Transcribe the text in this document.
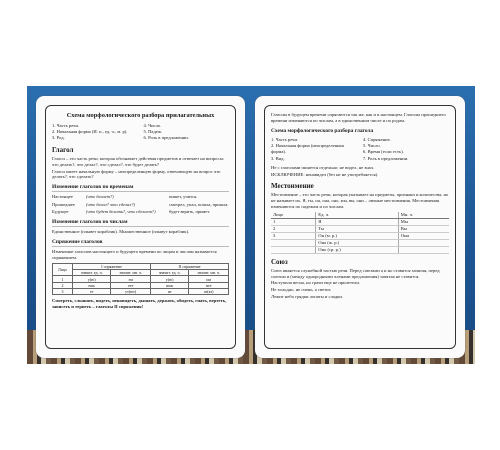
Схема морфологического разбора прилагательных
1. Часть речи.
2. Начальная форма (И. п., ед. ч., м. р).
3. Род.
4. Число.
5. Падеж.
6. Роль в предложении.
Глагол
Глагол – это часть речи, которая обозначает действия предметов и отвечает на вопросы: что делать?, что делал?, что сделал?, что будет делать?
Глагол имеет начальную форму – неопределенную форму, отвечающую на вопрос что делать?, что сделать?
Изменение глаголов по временам
Настоящее	(что делает?)	пишет, учится.
Прошедшее	(что делал? что сделал?)	смотрел, упал, пошла, пришла.
Будущее	(что будет делать?, что сделает?)	будет верить, примет.
Изменение глаголов по числам
Единственное (плывет кораблик). Множественное (плывут кораблик).
Спряжение глаголов
Изменение глаголов настоящего и будущего времени по лицам и числам называется спряжением.
Лицо	I спряжение		II спряжение	
	значит. ед. ч.	значит. мн. ч.	значит. ед. ч.	значит. мн. ч.
1	у(ю)	ем	у(ю)	им
2	ешь	ете	ишь	ите
3	ет	ут(ют)	ит	ат(ят)
Смотреть, слышать, видеть, ненавидеть, дышать, держать, обидеть, гнать, вертеть, зависеть и терпеть – глаголы II спряжения!
Глаголы в будущем времени спрягаются так же, как и в настоящем. Глаголы прошедшего времени изменяются по числам, а в единственном числе и по родам.
Схема морфологического разбора глагола
1. Часть речи.
2. Начальная форма (неопределенная форма).
3. Вид.
4. Спряжение.
5. Число.
6. Время (если есть).
7. Роль в предложении.
Не с глаголами пишется отдельно: не видел, не знал.
ИСКЛЮЧЕНИЕ: ненавидел (без не не употребляется).
Местоимение
Местоимение – это часть речи, которая указывает на предметы, признаки и количества, но не называет их. Я, ты, он, она, оно, мы, вы, они – личные местоимения. Местоимения изменяются по падежам и по числам.
Лицо	Ед. ч.	Мн. ч.
1	Я	Мы
2	Ты	Вы
3	Он (м. р.)	Они
	Она (ж. р.)	
	Оно (ср. р.)	
Союз
Союз является служебной частью речи. Перед союзами а и но ставится запятая, перед союзом и (между однородными членами предложения) запятая не ставится.
Наступила весна, но грачи еще не прилетели.
Не холодно, не очень, а светит.
Лежит небо грядки лопаты и сладки.
